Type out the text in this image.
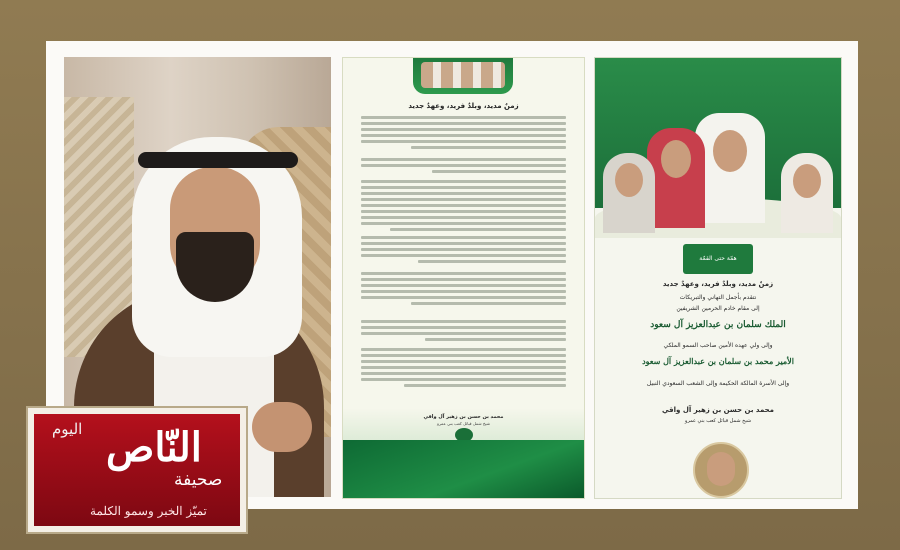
زمنٌ مديد، وبلدٌ فريد، وعهدٌ جديد
محمد بن حسن بن زهير آل واقي
شيخ شمل قبائل كعب بني عمرو
همّة حتى القمّة
زمنٌ مديد، وبلدٌ فريد، وعهدٌ جديد
نتقدم بأجمل التهاني والتبريكات
إلى مقام خادم الحرمين الشريفين
الملك سلمان بن عبدالعزيز آل سعود
وإلى ولي عهده الأمين صاحب السمو الملكي
الأمير محمد بن سلمان بن عبدالعزيز آل سعود
وإلى الأسرة المالكة الحكيمة وإلى الشعب السعودي النبيل
محمد بن حسن بن زهير آل واقي
شيخ شمل قبائل كعب بني عمرو
اليوم النّاص
صحيفة
تميّز الخبر وسمو الكلمة
